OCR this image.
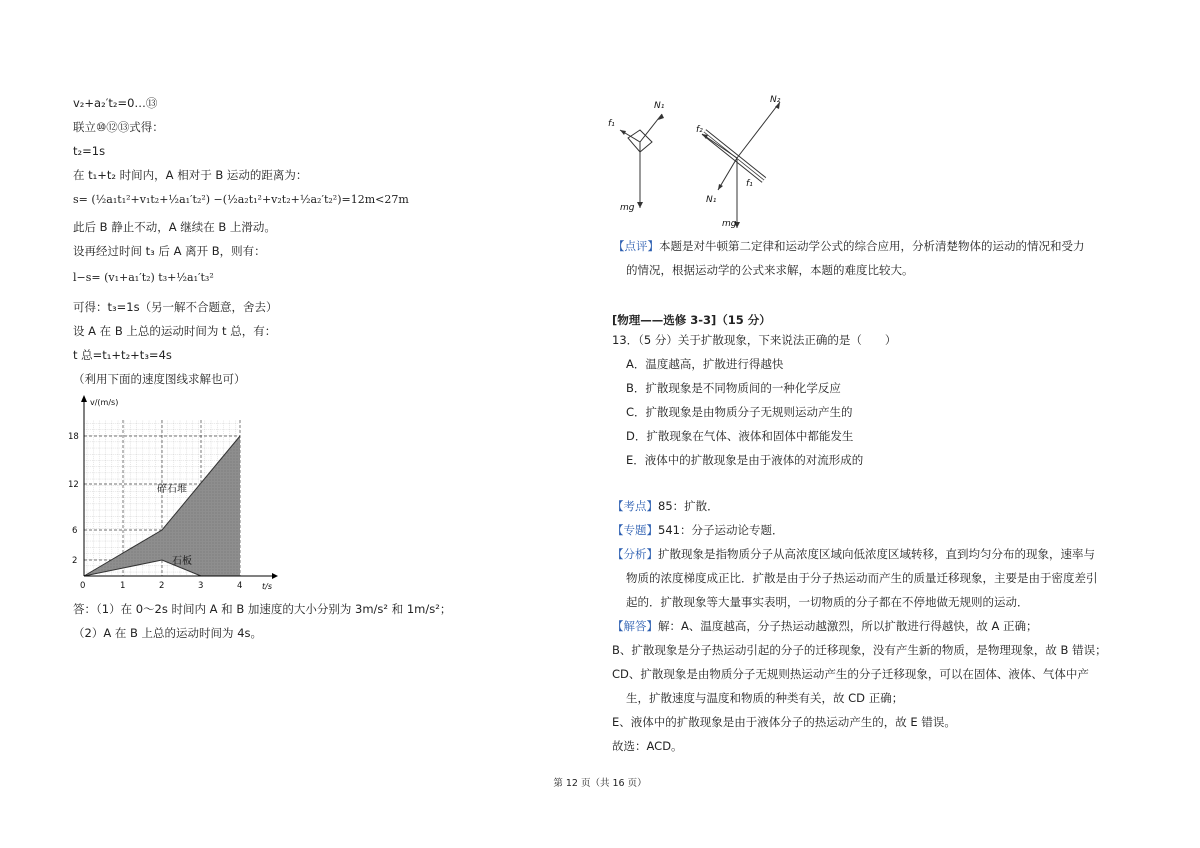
v₂+a₂′t₂=0…⑬
联立⑩⑫⑬式得：
t₂=1s
在 t₁+t₂ 时间内，A 相对于 B 运动的距离为：
s= (½a₁t₁²+v₁t₂+½a₁′t₂²) −(½a₂t₁²+v₂t₂+½a₂′t₂²)=12m<27m
此后 B 静止不动，A 继续在 B 上滑动。
设再经过时间 t₃ 后 A 离开 B，则有：
l−s= (v₁+a₁′t₂) t₃+½a₁′t₃²
可得：t₃=1s（另一解不合题意，舍去）
设 A 在 B 上总的运动时间为 t 总，有：
t 总=t₁+t₂+t₃=4s
（利用下面的速度图线求解也可）
v/(m/s)
t/s
18
12
6
2
0	1	2	3	4
碎石堆
石板
答：（1）在 0～2s 时间内 A 和 B 加速度的大小分别为 3m/s² 和 1m/s²；
（2）A 在 B 上总的运动时间为 4s。
N₁
f₁
mg
N₂
f₂
N₁
f₁
mg
【点评】本题是对牛顿第二定律和运动学公式的综合应用，分析清楚物体的运动的情况和受力
的情况，根据运动学的公式来求解，本题的难度比较大。
[物理——选修 3-3]（15 分）
13．（5 分）关于扩散现象，下来说法正确的是（　　）
A．温度越高，扩散进行得越快
B．扩散现象是不同物质间的一种化学反应
C．扩散现象是由物质分子无规则运动产生的
D．扩散现象在气体、液体和固体中都能发生
E．液体中的扩散现象是由于液体的对流形成的
【考点】85：扩散．
【专题】541：分子运动论专题．
【分析】扩散现象是指物质分子从高浓度区域向低浓度区域转移，直到均匀分布的现象，速率与
物质的浓度梯度成正比．扩散是由于分子热运动而产生的质量迁移现象，主要是由于密度差引
起的．扩散现象等大量事实表明，一切物质的分子都在不停地做无规则的运动．
【解答】解：A、温度越高，分子热运动越激烈，所以扩散进行得越快，故 A 正确；
B、扩散现象是分子热运动引起的分子的迁移现象，没有产生新的物质，是物理现象，故 B 错误；
CD、扩散现象是由物质分子无规则热运动产生的分子迁移现象，可以在固体、液体、气体中产
生，扩散速度与温度和物质的种类有关，故 CD 正确；
E、液体中的扩散现象是由于液体分子的热运动产生的，故 E 错误。
故选：ACD。
第 12 页（共 16 页）
